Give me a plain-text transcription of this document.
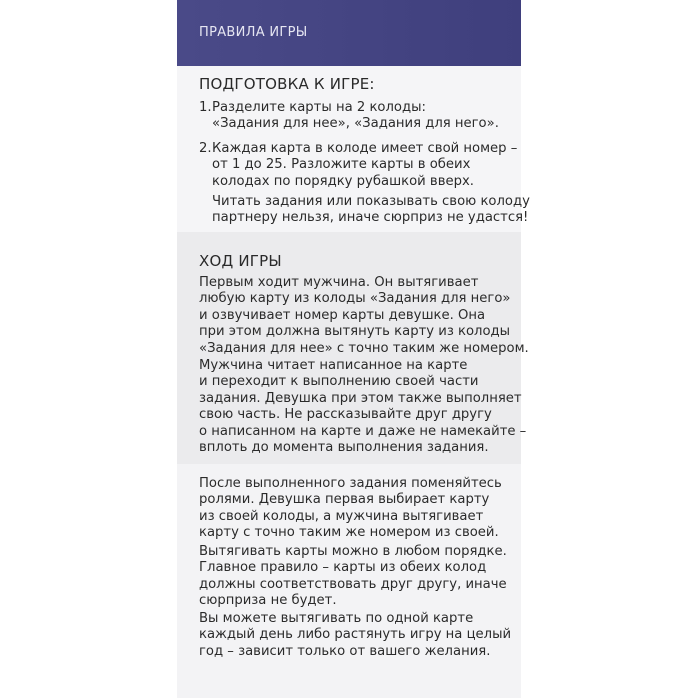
ПРАВИЛА ИГРЫ
ПОДГОТОВКА К ИГРЕ:
1. Разделите карты на 2 колоды:
«Задания для нее», «Задания для него».
2. Каждая карта в колоде имеет свой номер –
от 1 до 25. Разложите карты в обеих
колодах по порядку рубашкой вверх.
Читать задания или показывать свою колоду
партнеру нельзя, иначе сюрприз не удастся!
ХОД ИГРЫ
Первым ходит мужчина. Он вытягивает
любую карту из колоды «Задания для него»
и озвучивает номер карты девушке. Она
при этом должна вытянуть карту из колоды
«Задания для нее» с точно таким же номером.
Мужчина читает написанное на карте
и переходит к выполнению своей части
задания. Девушка при этом также выполняет
свою часть. Не рассказывайте друг другу
о написанном на карте и даже не намекайте –
вплоть до момента выполнения задания.
После выполненного задания поменяйтесь
ролями. Девушка первая выбирает карту
из своей колоды, а мужчина вытягивает
карту с точно таким же номером из своей.
Вытягивать карты можно в любом порядке.
Главное правило – карты из обеих колод
должны соответствовать друг другу, иначе
сюрприза не будет.
Вы можете вытягивать по одной карте
каждый день либо растянуть игру на целый
год – зависит только от вашего желания.
